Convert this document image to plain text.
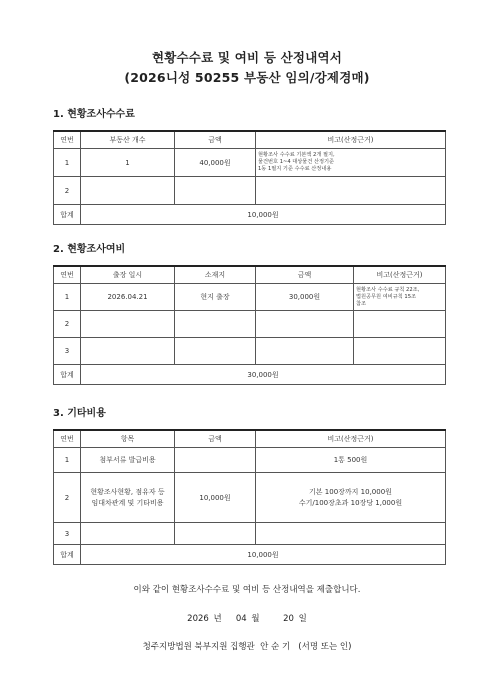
현황수수료 및 여비 등 산정내역서
(2026니성 50255 부동산 임의/강제경매)
1. 현황조사수수료
연번	부동산 개수	금액	비고(산정근거)
1	1	40,000원	현황조사 수수료 기본액 2개 필지,
물건번호 1~4 대상물건 산정기준
1동 1필지 기준 수수료 산정내용
2			
합계	10,000원		
2. 현황조사여비
연번	출장 일시	소재지	금액	비고(산정근거)
1	2026.04.21	현지 출장	30,000원	현황조사 수수료 규칙 22조,
법원공무원 여비규칙 15조
참조
2				
3				
합계	30,000원			
3. 기타비용
연번	항목	금액	비고(산정근거)
1	첨부서류 발급비용		1통 500원
2	현황조사현황, 점유자 등
임대차관계 및 기타비용	10,000원	기본 100장까지 10,000원
수기/100장초과 10장당 1,000원
3			
합계	10,000원		
이와 같이 현황조사수수료 및 여비 등 산정내역을 제출합니다.
2026 년 04 월	20 일
청주지방법원 북부지원 집행관  안 순 기   (서명 또는 인)
